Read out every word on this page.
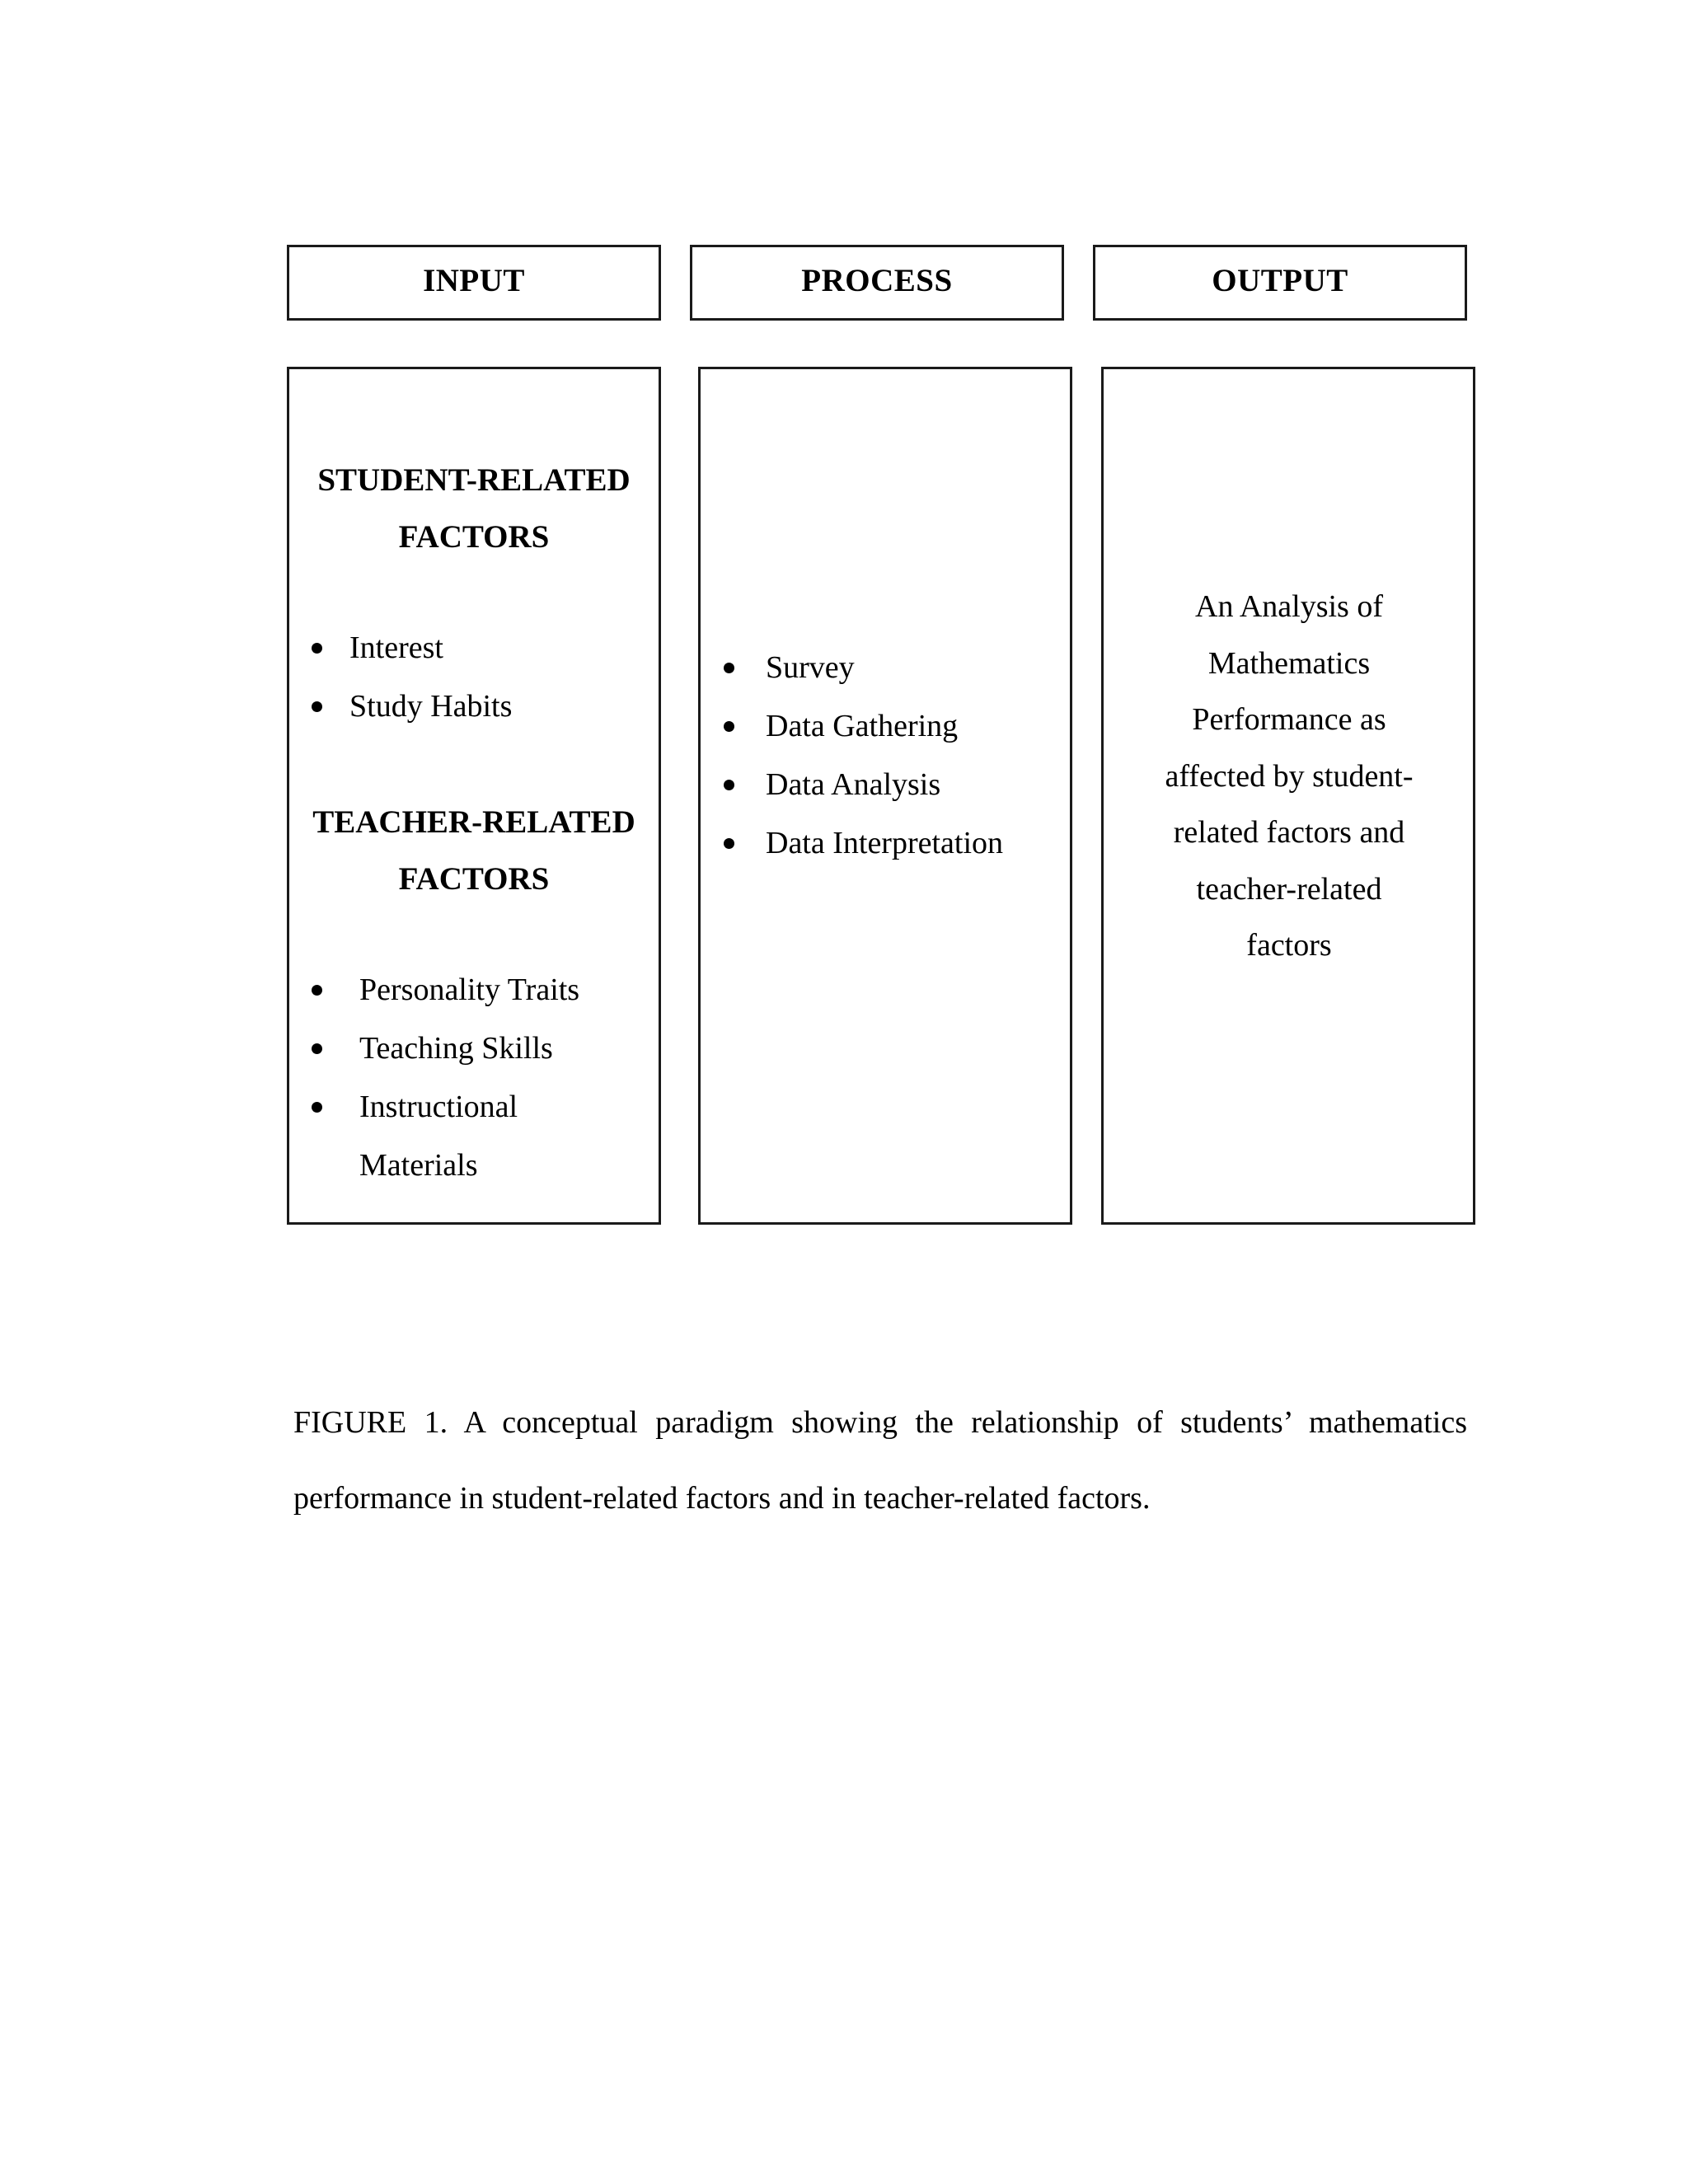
INPUT	PROCESS	OUTPUT
STUDENT-RELATED
FACTORS
Interest
Study Habits
TEACHER-RELATED
FACTORS
Personality Traits
Teaching Skills
Instructional
Materials
Survey
Data Gathering
Data Analysis
Data Interpretation
An Analysis of
Mathematics
Performance as
affected by student-
related factors and
teacher-related
factors
FIGURE 1. A conceptual paradigm showing the relationship of students’ mathematics performance in student-related factors and in teacher-related factors.
